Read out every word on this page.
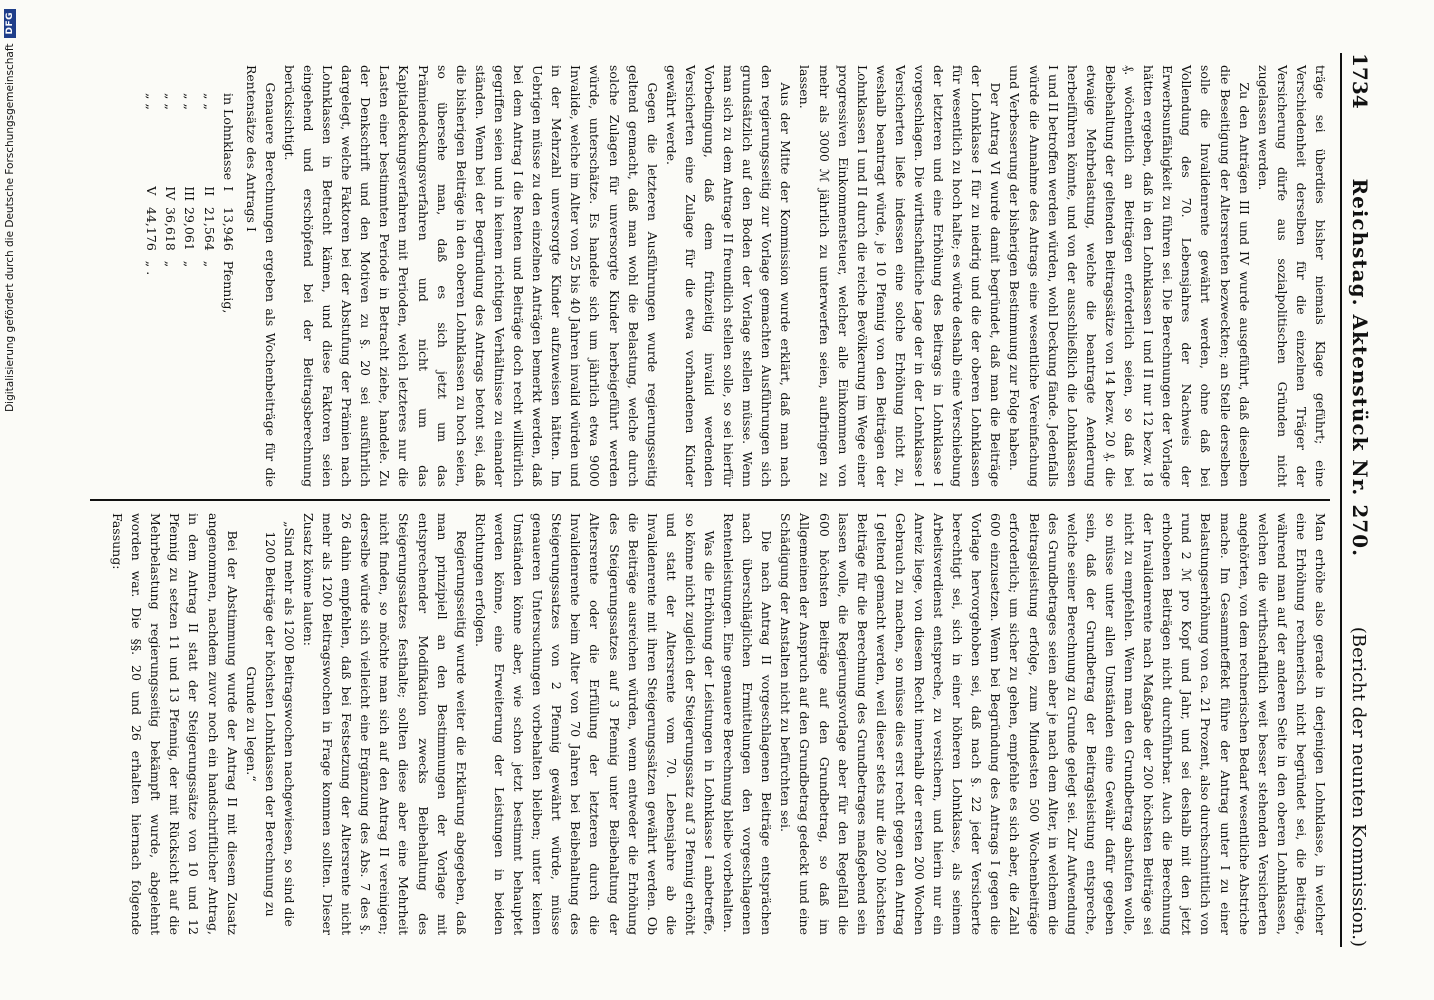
Digitalisierung gefördert durch die Deutsche Forschungsgemeinschaft
DFG
1734
Reichstag. Aktenstück Nr. 270.
(Bericht der neunten Kommission.)

träge sei überdies bisher niemals Klage geführt; eine Verschiedenheit derselben für die einzelnen Träger der Versicherung dürfe aus sozialpolitischen Gründen nicht zugelassen werden.

Zu den Anträgen III und IV wurde ausgeführt, daß dieselben die Beseitigung der Altersrenten bezweckten; an Stelle derselben solle die Invalidenrente gewährt werden, ohne daß bei Vollendung des 70. Lebensjahres der Nachweis der Erwerbsunfähigkeit zu führen sei. Die Berechnungen der Vorlage hätten ergeben, daß in den Lohnklassen I und II nur 12 bezw. 18 ₰. wöchentlich an Beiträgen erforderlich seien, so daß bei Beibehaltung der geltenden Beitragssätze von 14 bezw. 20 ₰. die etwaige Mehrbelastung, welche die beantragte Aenderung herbeiführen könnte, und von der ausschließlich die Lohnklassen I und II betroffen werden würden, wohl Deckung fände. Jedenfalls würde die Annahme des Antrags eine wesentliche Vereinfachung und Verbesserung der bisherigen Bestimmung zur Folge haben.

Der Antrag VI wurde damit begründet, daß man die Beiträge der Lohnklasse I für zu niedrig und die der oberen Lohnklassen für wesentlich zu hoch halte; es würde deshalb eine Verschiebung der letzteren und eine Erhöhung des Beitrags in Lohnklasse I vorgeschlagen. Die wirthschaftliche Lage der in der Lohnklasse I Versicherten ließe indessen eine solche Erhöhung nicht zu, weshalb beantragt würde, je 10 Pfennig von den Beiträgen der Lohnklassen I und II durch die reiche Bevölkerung im Wege einer progressiven Einkommensteuer, welcher alle Einkommen von mehr als 3000 ℳ jährlich zu unterwerfen seien, aufbringen zu lassen.

Aus der Mitte der Kommission wurde erklärt, daß man nach den regierungsseitig zur Vorlage gemachten Ausführungen sich grundsätzlich auf den Boden der Vorlage stellen müsse. Wenn man sich zu dem Antrage II freundlich stellen solle, so sei hierfür Vorbedingung, daß dem frühzeitig invalid werdenden Versicherten eine Zulage für die etwa vorhandenen Kinder gewährt werde.

Gegen die letzteren Ausführungen wurde regierungsseitig geltend gemacht, daß man wohl die Belastung, welche durch solche Zulagen für unversorgte Kinder herbeigeführt werden würde, unterschätze. Es handele sich um jährlich etwa 9000 Invalide, welche im Alter von 25 bis 40 Jahren invalid würden und in der Mehrzahl unversorgte Kinder aufzuweisen hätten. Im Uebrigen müsse zu den einzelnen Anträgen bemerkt werden, daß bei dem Antrag I die Renten und Beiträge doch recht willkürlich gegriffen seien und in keinem richtigen Verhältnisse zu einander ständen. Wenn bei der Begründung des Antrags betont sei, daß die bisherigen Beiträge in den oberen Lohnklassen zu hoch seien, so übersehe man, daß es sich jetzt um das Prämiendeckungsverfahren und nicht um das Kapitaldeckungsverfahren mit Perioden, welch letzteres nur die Lasten einer bestimmten Periode in Betracht ziehe, handele. Zu der Denkschrift und den Motiven zu §. 20 sei ausführlich dargelegt, welche Faktoren bei der Abstufung der Prämien nach Lohnklassen in Betracht kämen, und diese Faktoren seien eingehend und erschöpfend bei der Beitragsberechnung berücksichtigt.

Genauere Berechnungen ergeben als Wochenbeiträge für die Rentensätze des Antrags I

in Lohnklasse	I	13,946	Pfennig,
„ „	II	21,564	„
„ „	III	29,061	„
„ „	IV	36,618	„
„ „	V	44,176	„ .

Man erhöhe also gerade in derjenigen Lohnklasse, in welcher eine Erhöhung rechnerisch nicht begründet sei, die Beiträge, während man auf der anderen Seite in den oberen Lohnklassen, welchen die wirthschaftlich weit besser stehenden Versicherten angehörten, von dem rechnerischen Bedarf wesentliche Abstriche mache. Im Gesammteffekt führe der Antrag unter I zu einer Belastungserhöhung von ca. 21 Prozent, also durchschnittlich von rund 2 ℳ pro Kopf und Jahr, und sei deshalb mit den jetzt erhobenen Beiträgen nicht durchführbar. Auch die Berechnung der Invalidenrente nach Maßgabe der 200 höchsten Beiträge sei nicht zu empfehlen. Wenn man den Grundbetrag abstufen wolle, so müsse unter allen Umständen eine Gewähr dafür gegeben sein, daß der Grundbetrag der Beitragsleistung entspreche, welche seiner Berechnung zu Grunde gelegt sei. Zur Aufwendung des Grundbetrages seien aber je nach dem Alter, in welchem die Beitragsleistung erfolge, zum Mindesten 500 Wochenbeiträge erforderlich; um sicher zu gehen, empfehle es sich aber, die Zahl 600 einzusetzen. Wenn bei Begründung des Antrags I gegen die Vorlage hervorgehoben sei, daß nach §. 22 jeder Versicherte berechtigt sei, sich in einer höheren Lohnklasse, als seinem Arbeitsverdienst entspreche, zu versichern, und hierin nur ein Anreiz liege, von diesem Recht innerhalb der ersten 200 Wochen Gebrauch zu machen, so müsse dies erst recht gegen den Antrag I geltend gemacht werden, weil dieser stets nur die 200 höchsten Beiträge für die Berechnung des Grundbetrages maßgebend sein lassen wolle, die Regierungsvorlage aber für den Regelfall die 600 höchsten Beiträge auf den Grundbetrag, so daß im Allgemeinen der Anspruch auf den Grundbetrag gedeckt und eine Schädigung der Anstalten nicht zu befürchten sei.

Die nach Antrag II vorgeschlagenen Beiträge entsprächen nach überschläglichen Ermittelungen den vorgeschlagenen Rentenleistungen. Eine genauere Berechnung bleibe vorbehalten.

Was die Erhöhung der Leistungen in Lohnklasse I anbetreffe, so könne nicht zugleich der Steigerungssatz auf 3 Pfennig erhöht und statt der Altersrente vom 70. Lebensjahre ab die Invalidenrente mit ihren Steigerungssätzen gewährt werden. Ob die Beiträge ausreichen würden, wenn entweder die Erhöhung des Steigerungssatzes auf 3 Pfennig unter Beibehaltung der Altersrente oder die Erfüllung der letzteren durch die Invalidenrente beim Alter von 70 Jahren bei Beibehaltung des Steigerungssatzes von 2 Pfennig gewährt würde, müsse genaueren Untersuchungen vorbehalten bleiben; unter keinen Umständen könne aber, wie schon jetzt bestimmt behauptet werden könne, eine Erweiterung der Leistungen in beiden Richtungen erfolgen.

Regierungsseitig wurde weiter die Erklärung abgegeben, daß man prinzipiell an den Bestimmungen der Vorlage mit entsprechender Modifikation zwecks Beibehaltung des Steigerungssatzes festhalte; sollten diese aber eine Mehrheit nicht finden, so möchte man sich auf den Antrag II vereinigen; derselbe würde sich vielleicht eine Ergänzung des Abs. 7 des §. 26 dahin empfehlen, daß bei Festsetzung der Altersrente nicht mehr als 1200 Beitragswochen in Frage kommen sollten. Dieser Zusatz könne lauten:

„Sind mehr als 1200 Beitragswochen nachgewiesen, so sind die 1200 Beiträge der höchsten Lohnklassen der Berechnung zu Grunde zu legen.“

Bei der Abstimmung wurde der Antrag II mit diesem Zusatz angenommen, nachdem zuvor noch ein handschriftlicher Antrag, in dem Antrag II statt der Steigerungssätze von 10 und 12 Pfennig zu setzen 11 und 13 Pfennig, der mit Rücksicht auf die Mehrbelastung regierungsseitig bekämpft wurde, abgelehnt worden war. Die §§. 20 und 26 erhalten hiernach folgende Fassung:
